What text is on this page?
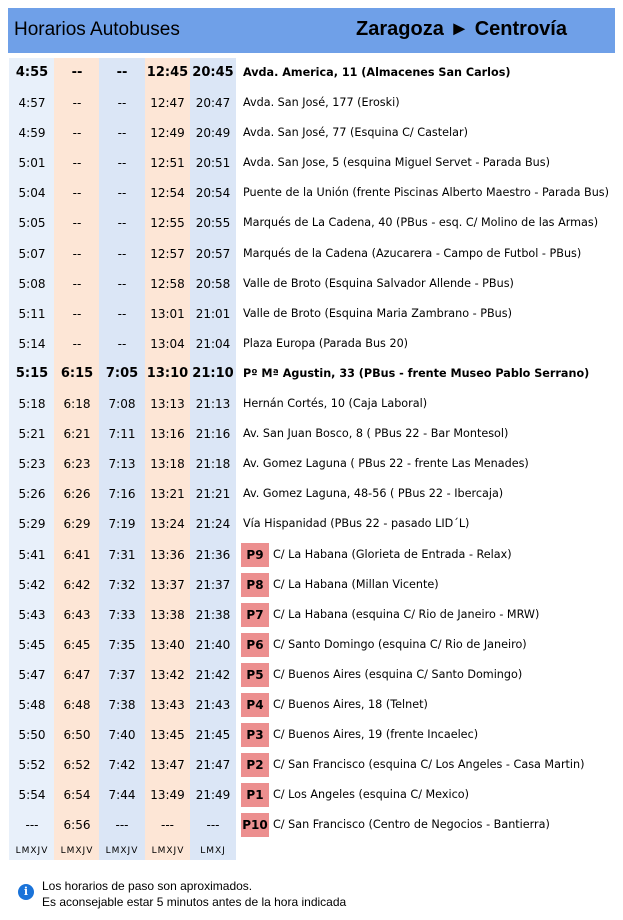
Horarios Autobuses	Zaragoza ► Centrovía
4:55	--	--	12:45 20:45 Avda. America, 11 (Almacenes San Carlos)
4:57	--	--	12:47 20:47	Avda. San José, 177 (Eroski)
4:59	--	--	12:49 20:49	Avda. San José, 77 (Esquina C/ Castelar)
5:01	--	--	12:51 20:51	Avda. San Jose, 5 (esquina Miguel Servet - Parada Bus)
5:04	--	--	12:54 20:54	Puente de la Unión (frente Piscinas Alberto Maestro - Parada Bus)
5:05	--	--	12:55 20:55	Marqués de La Cadena, 40 (PBus - esq. C/ Molino de las Armas)
5:07	--	--	12:57 20:57	Marqués de la Cadena (Azucarera - Campo de Futbol - PBus)
5:08	--	--	12:58 20:58	Valle de Broto (Esquina Salvador Allende - PBus)
5:11	--	--	13:01 21:01	Valle de Broto (Esquina Maria Zambrano - PBus)
5:14	--	--	13:04 21:04	Plaza Europa (Parada Bus 20)
5:15 6:15 7:05 13:10 21:10 Pº Mª Agustin, 33 (PBus - frente Museo Pablo Serrano)
5:18	6:18	7:08	13:13 21:13	Hernán Cortés, 10 (Caja Laboral)
5:21	6:21	7:11	13:16 21:16	Av. San Juan Bosco, 8 ( PBus 22 - Bar Montesol)
5:23	6:23	7:13	13:18 21:18	Av. Gomez Laguna ( PBus 22 - frente Las Menades)
5:26	6:26	7:16	13:21 21:21	Av. Gomez Laguna, 48-56 ( PBus 22 - Ibercaja)
5:29	6:29	7:19	13:24 21:24	Vía Hispanidad (PBus 22 - pasado LID´L)
5:41	6:41	7:31	13:36 21:36	P9 C/ La Habana (Glorieta de Entrada - Relax)
5:42	6:42	7:32	13:37 21:37	P8 C/ La Habana (Millan Vicente)
5:43	6:43	7:33	13:38 21:38	P7 C/ La Habana (esquina C/ Rio de Janeiro - MRW)
5:45	6:45	7:35	13:40 21:40	P6 C/ Santo Domingo (esquina C/ Rio de Janeiro)
5:47	6:47	7:37	13:42 21:42	P5 C/ Buenos Aires (esquina C/ Santo Domingo)
5:48	6:48	7:38	13:43 21:43	P4 C/ Buenos Aires, 18 (Telnet)
5:50	6:50	7:40	13:45 21:45	P3 C/ Buenos Aires, 19 (frente Incaelec)
5:52	6:52	7:42	13:47 21:47	P2 C/ San Francisco (esquina C/ Los Angeles - Casa Martin)
5:54	6:54	7:44	13:49 21:49	P1 C/ Los Angeles (esquina C/ Mexico)
---	6:56	---	---	---	P10 C/ San Francisco (Centro de Negocios - Bantierra)
LMXJV	LMXJV	LMXJV	LMXJV	LMXJ
i	Los horarios de paso son aproximados.
Es aconsejable estar 5 minutos antes de la hora indicada
